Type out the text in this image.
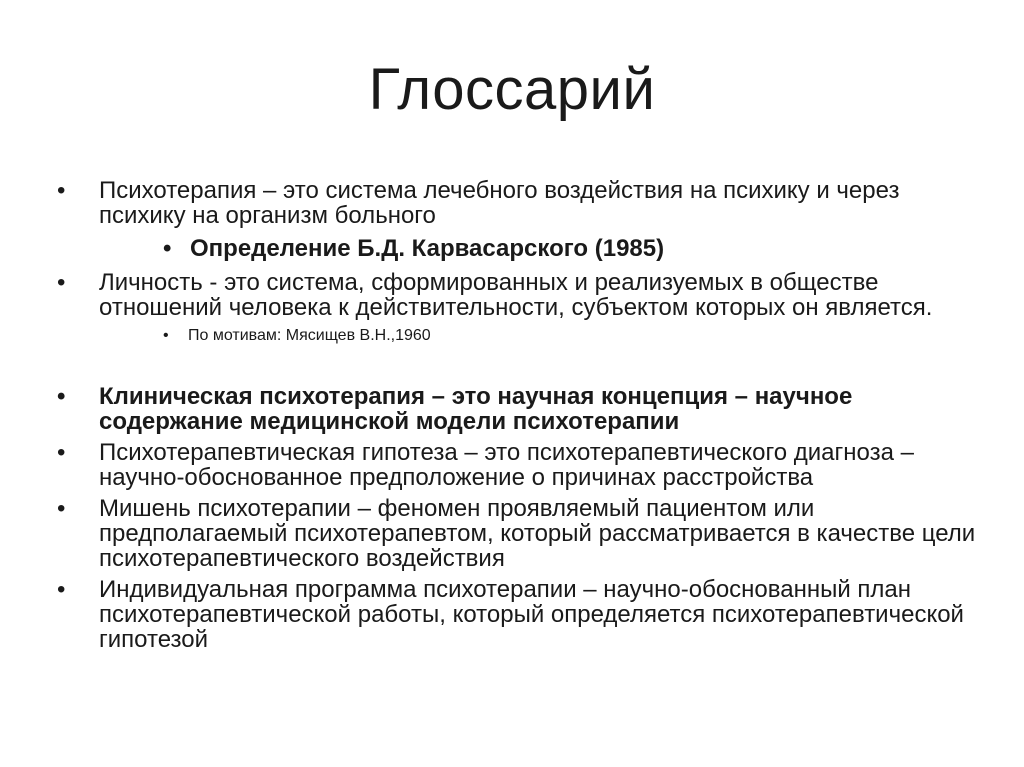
Глоссарий
• Психотерапия – это система лечебного воздействия на психику и через психику на организм больного
• Определение Б.Д. Карвасарского (1985)
• Личность - это система, сформированных и реализуемых в обществе отношений человека к действительности, субъектом которых он является.
• По мотивам: Мясищев В.Н.,1960
• Клиническая психотерапия – это научная концепция – научное содержание медицинской модели психотерапии
• Психотерапевтическая гипотеза – это психотерапевтического диагноза – научно-обоснованное предположение о причинах расстройства
• Мишень психотерапии – феномен проявляемый пациентом или предполагаемый психотерапевтом, который рассматривается в качестве цели психотерапевтического воздействия
• Индивидуальная программа психотерапии – научно-обоснованный план психотерапевтической работы, который определяется психотерапевтической гипотезой
